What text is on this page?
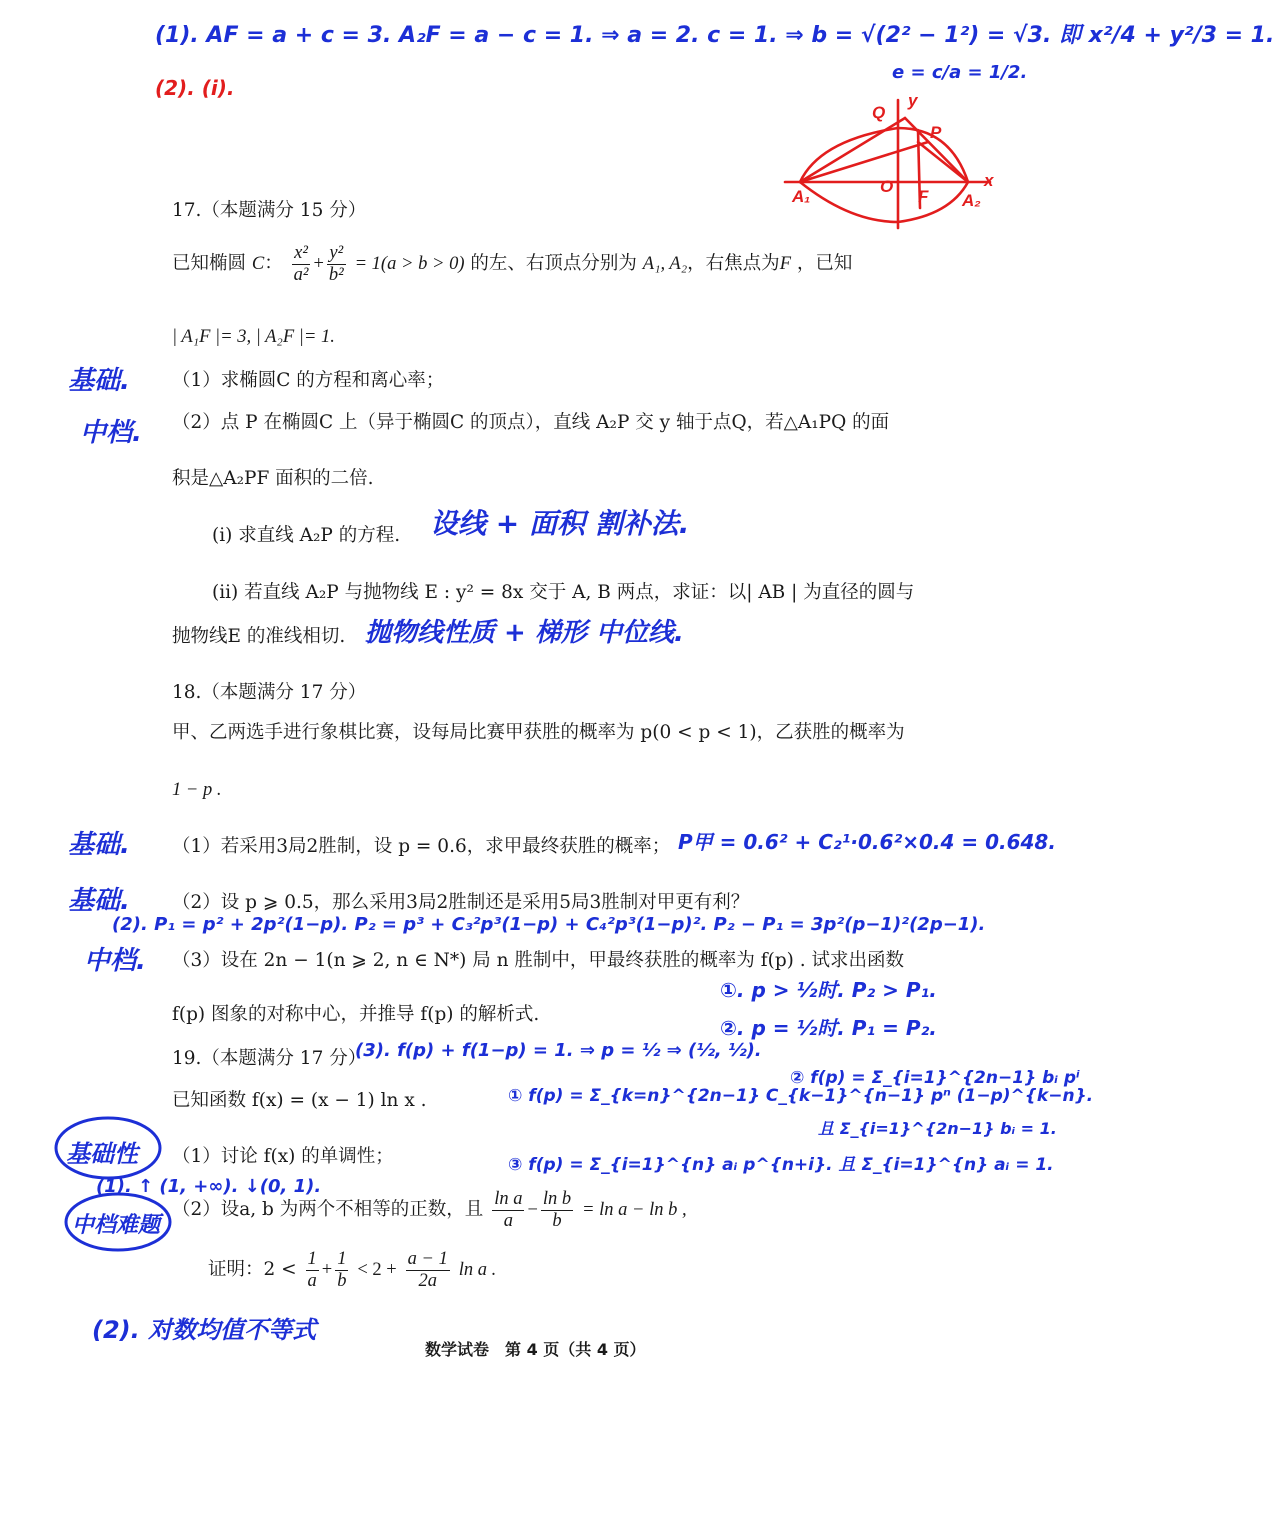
(1). AF = a + c = 3. A₂F = a − c = 1. ⇒ a = 2. c = 1. ⇒ b = √(2² − 1²) = √3. 即 x²/4 + y²/3 = 1.
e = c/a = 1/2.
(2). (i).
Q
y
P
A₁
O
F A₂
x
17.（本题满分 15 分）
已知椭圆 C： $\frac{\text{x²}}{\text{a²}} + \frac{\text{y²}}{\text{b²}} = 1(a > b > 0)$ 的左、右顶点分别为 A₁, A₂，右焦点为F ，已知
| A₁F |= 3, | A₂F |= 1.
（1）求椭圆C 的方程和离心率；
（2）点 P 在椭圆C 上（异于椭圆C 的顶点），直线 A₂P 交 y 轴于点Q，若△A₁PQ 的面
积是△A₂PF 面积的二倍.
(i) 求直线 A₂P 的方程.
(ii) 若直线 A₂P 与抛物线 E : y² = 8x 交于 A, B 两点，求证：以| AB | 为直径的圆与
抛物线E 的准线相切.
基础.
中档.
设线 + 面积 割补法.
抛物线性质 + 梯形 中位线.
18.（本题满分 17 分）
甲、乙两选手进行象棋比赛，设每局比赛甲获胜的概率为 p(0 < p < 1)，乙获胜的概率为
1 − p .
（1）若采用3局2胜制，设 p = 0.6，求甲最终获胜的概率；
（2）设 p ⩾ 0.5，那么采用3局2胜制还是采用5局3胜制对甲更有利？
（3）设在 2n − 1(n ⩾ 2, n ∈ N*) 局 n 胜制中，甲最终获胜的概率为 f(p) . 试求出函数
f(p) 图象的对称中心，并推导 f(p) 的解析式.
基础.
基础.
中档.
P甲 = 0.6² + C₂¹·0.6²×0.4 = 0.648.
(2). P₁ = p² + 2p²(1−p). P₂ = p³ + C₃²p³(1−p) + C₄²p³(1−p)². P₂ − P₁ = 3p²(p−1)²(2p−1).
①. p > ½时. P₂ > P₁.
②. p = ½时. P₁ = P₂.
(3). f(p) + f(1−p) = 1. ⇒ p = ½ ⇒ (½, ½).
① f(p) = Σ_{k=n}^{2n−1} C_{k−1}^{n−1} pⁿ (1−p)^{k−n}.
② f(p) = Σ_{i=1}^{2n−1} bᵢ pⁱ
且 Σ_{i=1}^{2n−1} bᵢ = 1.
③ f(p) = Σ_{i=1}^{n} aᵢ p^{n+i}. 且 Σ_{i=1}^{n} aᵢ = 1.
19.（本题满分 17 分）
已知函数 f(x) = (x − 1) ln x .
（1）讨论 f(x) 的单调性；
（2）设a, b 为两个不相等的正数，且 $\frac{\text{ln a}}{a} - \frac{\text{ln b}}{b} = \ln a - \ln b$ ,
证明：$2 < \frac{1}{a} + \frac{1}{b} < 2 + \frac{a - 1}{2a}$ ln a .
基础性
中档难题
(1). ↑ (1, +∞). ↓(0, 1).
(2). 对数均值不等式
数学试卷　第 4 页（共 4 页）
